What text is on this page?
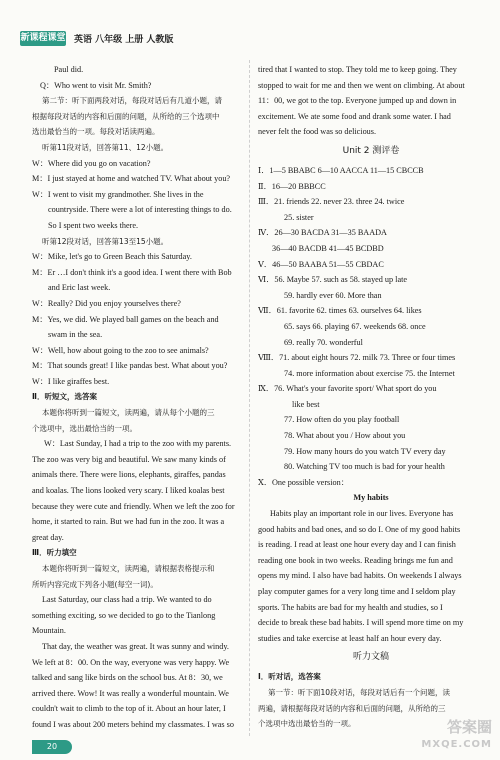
新课程课堂 英语 八年级 上册 人教版
Paul did.
Q：Who went to visit Mr. Smith?
第二节：听下面两段对话，每段对话后有几道小题，请
根据每段对话的内容和后面的问题，从所给的三个选项中
选出最恰当的一项。每段对话读两遍。
听第11段对话，回答第11、12小题。
W：Where did you go on vacation?
M：I just stayed at home and watched TV. What about you?
W：I went to visit my grandmother. She lives in the
countryside. There were a lot of interesting things to do.
So I spent two weeks there.
听第12段对话，回答第13至15小题。
W：Mike, let's go to Green Beach this Saturday.
M：Er …I don't think it's a good idea. I went there with Bob
and Eric last week.
W：Really? Did you enjoy yourselves there?
M：Yes, we did. We played ball games on the beach and
swam in the sea.
W：Well, how about going to the zoo to see animals?
M：That sounds great! I like pandas best. What about you?
W：I like giraffes best.
Ⅱ．听短文，选答案
本题你将听到一篇短文，读两遍，请从每个小题的三
个选项中，选出最恰当的一项。
W：Last Sunday, I had a trip to the zoo with my parents.
The zoo was very big and beautiful. We saw many kinds of
animals there. There were lions, elephants, giraffes, pandas
and koalas. The lions looked very scary. I liked koalas best
because they were cute and friendly. When we left the zoo for
home, it started to rain. But we had fun in the zoo. It was a
great day.
Ⅲ．听力填空
本题你将听到一篇短文，读两遍，请根据表格提示和
所听内容完成下列各小题(每空一词)。
Last Saturday, our class had a trip. We wanted to do
something exciting, so we decided to go to the Tianlong
Mountain.
That day, the weather was great. It was sunny and windy.
We left at 8：00. On the way, everyone was very happy. We
talked and sang like birds on the school bus. At 8：30, we
arrived there. Wow! It was really a wonderful mountain. We
couldn't wait to climb to the top of it. About an hour later, I
found I was about 200 meters behind my classmates. I was so
tired that I wanted to stop. They told me to keep going. They
stopped to wait for me and then we went on climbing. At about
11：00, we got to the top. Everyone jumped up and down in
excitement. We ate some food and drank some water. I had
never felt the food was so delicious.
Unit 2 测评卷
Ⅰ．1—5 BBABC 6—10 AACCA 11—15 CBCCB
Ⅱ．16—20 BBBCC
Ⅲ．21. friends 22. never 23. three 24. twice
25. sister
Ⅳ．26—30 BACDA 31—35 BAADA
36—40 BACDB 41—45 BCDBD
Ⅴ．46—50 BAABA 51—55 CBDAC
Ⅵ．56. Maybe 57. such as 58. stayed up late
59. hardly ever 60. More than
Ⅶ．61. favorite 62. times 63. ourselves 64. likes
65. says 66. playing 67. weekends 68. once
69. really 70. wonderful
Ⅷ．71. about eight hours 72. milk 73. Three or four times
74. more information about exercise 75. the Internet
Ⅸ．76. What's your favorite sport/ What sport do you
like best
77. How often do you play football
78. What about you / How about you
79. How many hours do you watch TV every day
80. Watching TV too much is bad for your health
Ⅹ．One possible version：
My habits
Habits play an important role in our lives. Everyone has
good habits and bad ones, and so do I. One of my good habits
is reading. I read at least one hour every day and I can finish
reading one book in two weeks. Reading brings me fun and
opens my mind. I also have bad habits. On weekends I always
play computer games for a very long time and I seldom play
sports. The habits are bad for my health and studies, so I
decide to break these bad habits. I will spend more time on my
studies and take exercise at least half an hour every day.
听力文稿
Ⅰ．听对话，选答案
第一节：听下面10段对话，每段对话后有一个问题，读
两遍，请根据每段对话的内容和后面的问题，从所给的三
个选项中选出最恰当的一项。
20
答案圈
MXQE.COM
